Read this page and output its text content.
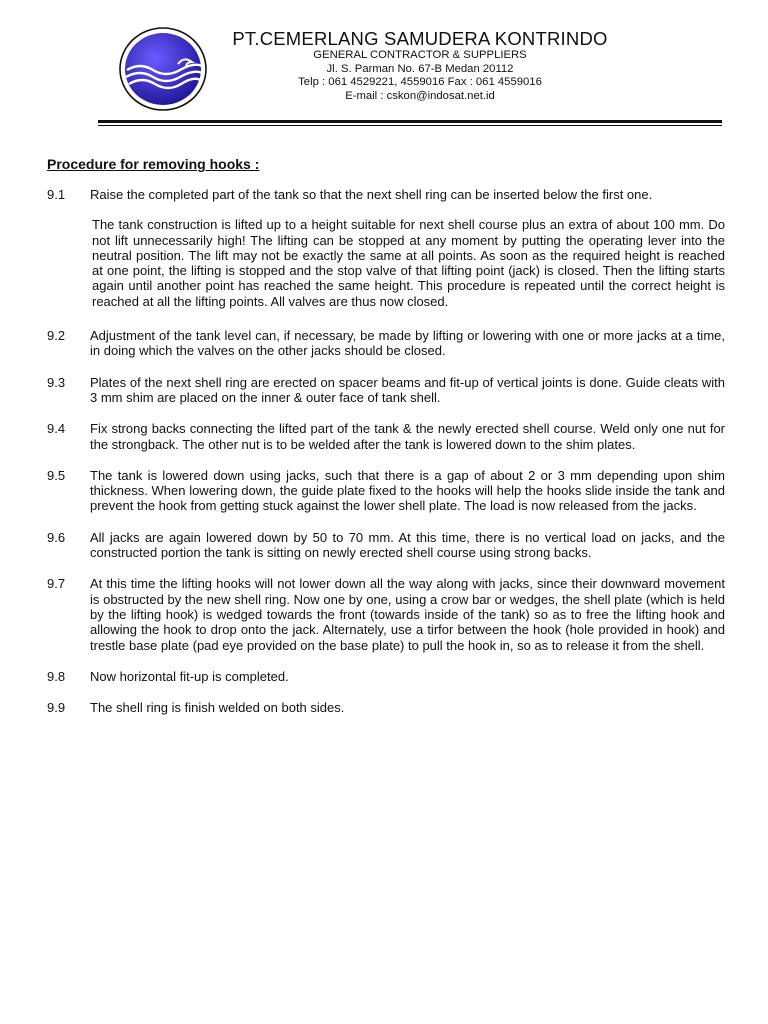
PT.CEMERLANG SAMUDERA KONTRINDO
GENERAL CONTRACTOR & SUPPLIERS
Jl. S. Parman No. 67-B Medan 20112
Telp : 061 4529221, 4559016 Fax : 061 4559016
E-mail : cskon@indosat.net.id
Procedure for removing hooks :
9.1	Raise the completed part of the tank so that the next shell ring can be inserted below the first one.
The tank construction is lifted up to a height suitable for next shell course plus an extra of about 100 mm. Do not lift unnecessarily high! The lifting can be stopped at any moment by putting the operating lever into the neutral position. The lift may not be exactly the same at all points. As soon as the required height is reached at one point, the lifting is stopped and the stop valve of that lifting point (jack) is closed. Then the lifting starts again until another point has reached the same height. This procedure is repeated until the correct height is reached at all the lifting points. All valves are thus now closed.
9.2	Adjustment of the tank level can, if necessary, be made by lifting or lowering with one or more jacks at a time, in doing which the valves on the other jacks should be closed.
9.3	Plates of the next shell ring are erected on spacer beams and fit-up of vertical joints is done. Guide cleats with 3 mm shim are placed on the inner & outer face of tank shell.
9.4	Fix strong backs connecting the lifted part of the tank & the newly erected shell course. Weld only one nut for the strongback. The other nut is to be welded after the tank is lowered down to the shim plates.
9.5	The tank is lowered down using jacks, such that there is a gap of about 2 or 3 mm depending upon shim thickness. When lowering down, the guide plate fixed to the hooks will help the hooks slide inside the tank and prevent the hook from getting stuck against the lower shell plate. The load is now released from the jacks.
9.6	All jacks are again lowered down by 50 to 70 mm. At this time, there is no vertical load on jacks, and the constructed portion the tank is sitting on newly erected shell course using strong backs.
9.7	At this time the lifting hooks will not lower down all the way along with jacks, since their downward movement is obstructed by the new shell ring. Now one by one, using a crow bar or wedges, the shell plate (which is held by the lifting hook) is wedged towards the front (towards inside of the tank) so as to free the lifting hook and allowing the hook to drop onto the jack. Alternately, use a tirfor between the hook (hole provided in hook) and trestle base plate (pad eye provided on the base plate) to pull the hook in, so as to release it from the shell.
9.8	Now horizontal fit-up is completed.
9.9	The shell ring is finish welded on both sides.
